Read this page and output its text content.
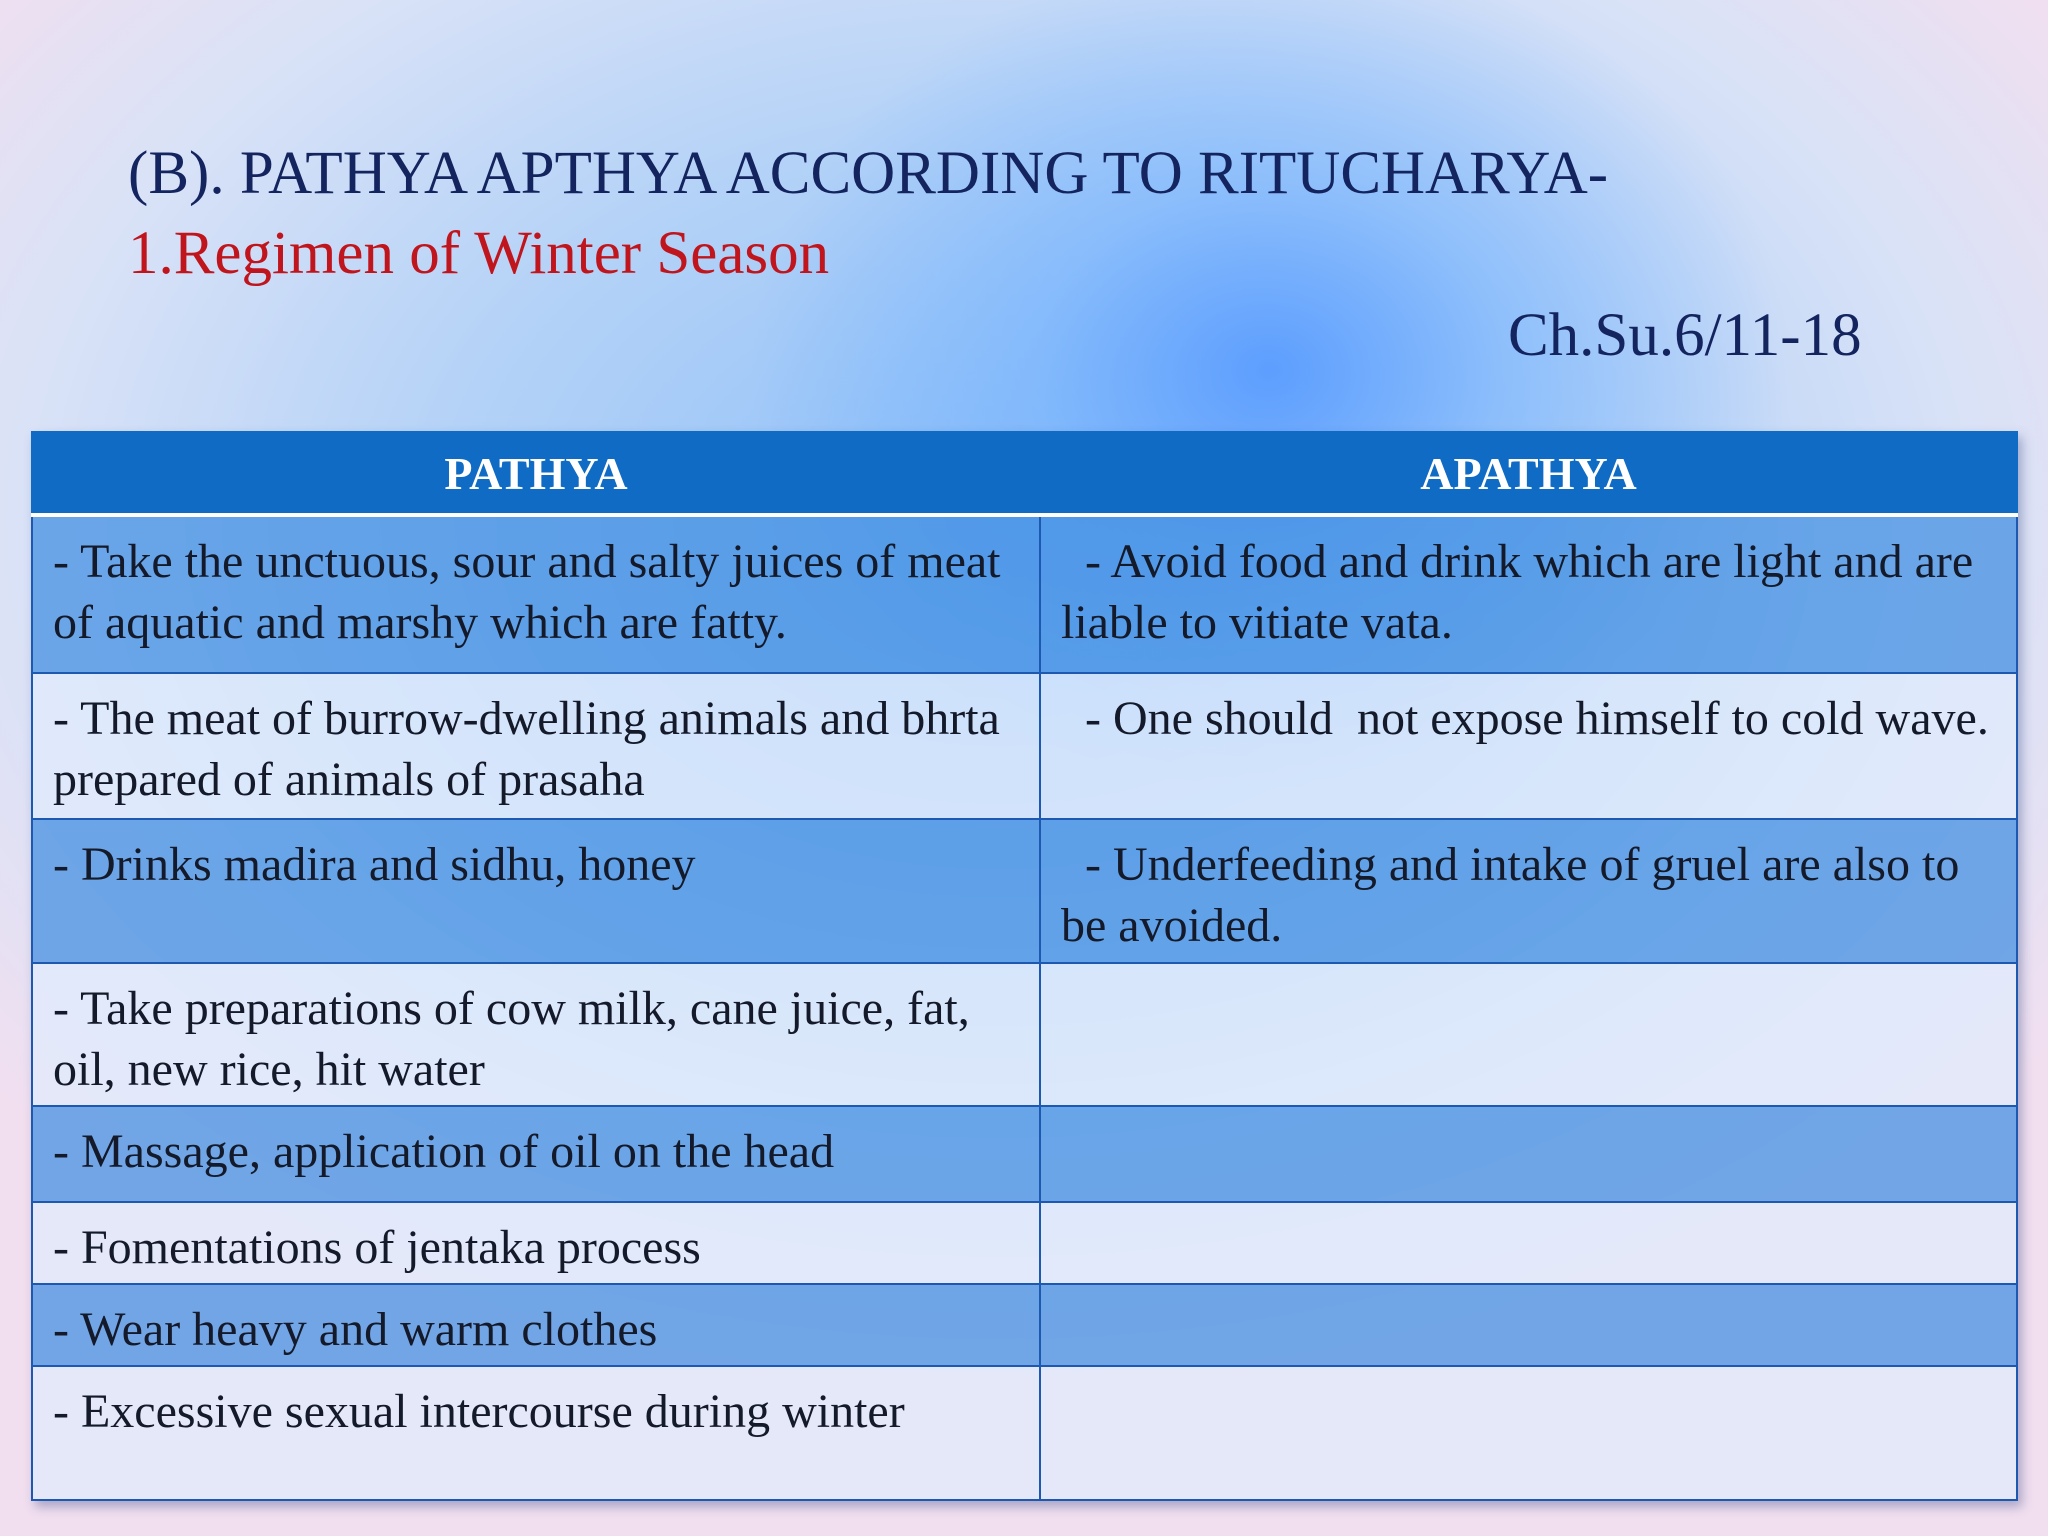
(B). PATHYA APTHYA ACCORDING TO RITUCHARYA-
1.Regimen of Winter Season
Ch.Su.6/11-18
PATHYA	APATHYA
- Take the unctuous, sour and salty juices of meat of aquatic and marshy which are fatty.	- Avoid food and drink which are light and are liable to vitiate vata.
- The meat of burrow-dwelling animals and bhrta prepared of animals of prasaha	- One should  not expose himself to cold wave.
- Drinks madira and sidhu, honey	- Underfeeding and intake of gruel are also to be avoided.
- Take preparations of cow milk, cane juice, fat, oil, new rice, hit water	
- Massage, application of oil on the head	
- Fomentations of jentaka process	
- Wear heavy and warm clothes	
- Excessive sexual intercourse during winter	
